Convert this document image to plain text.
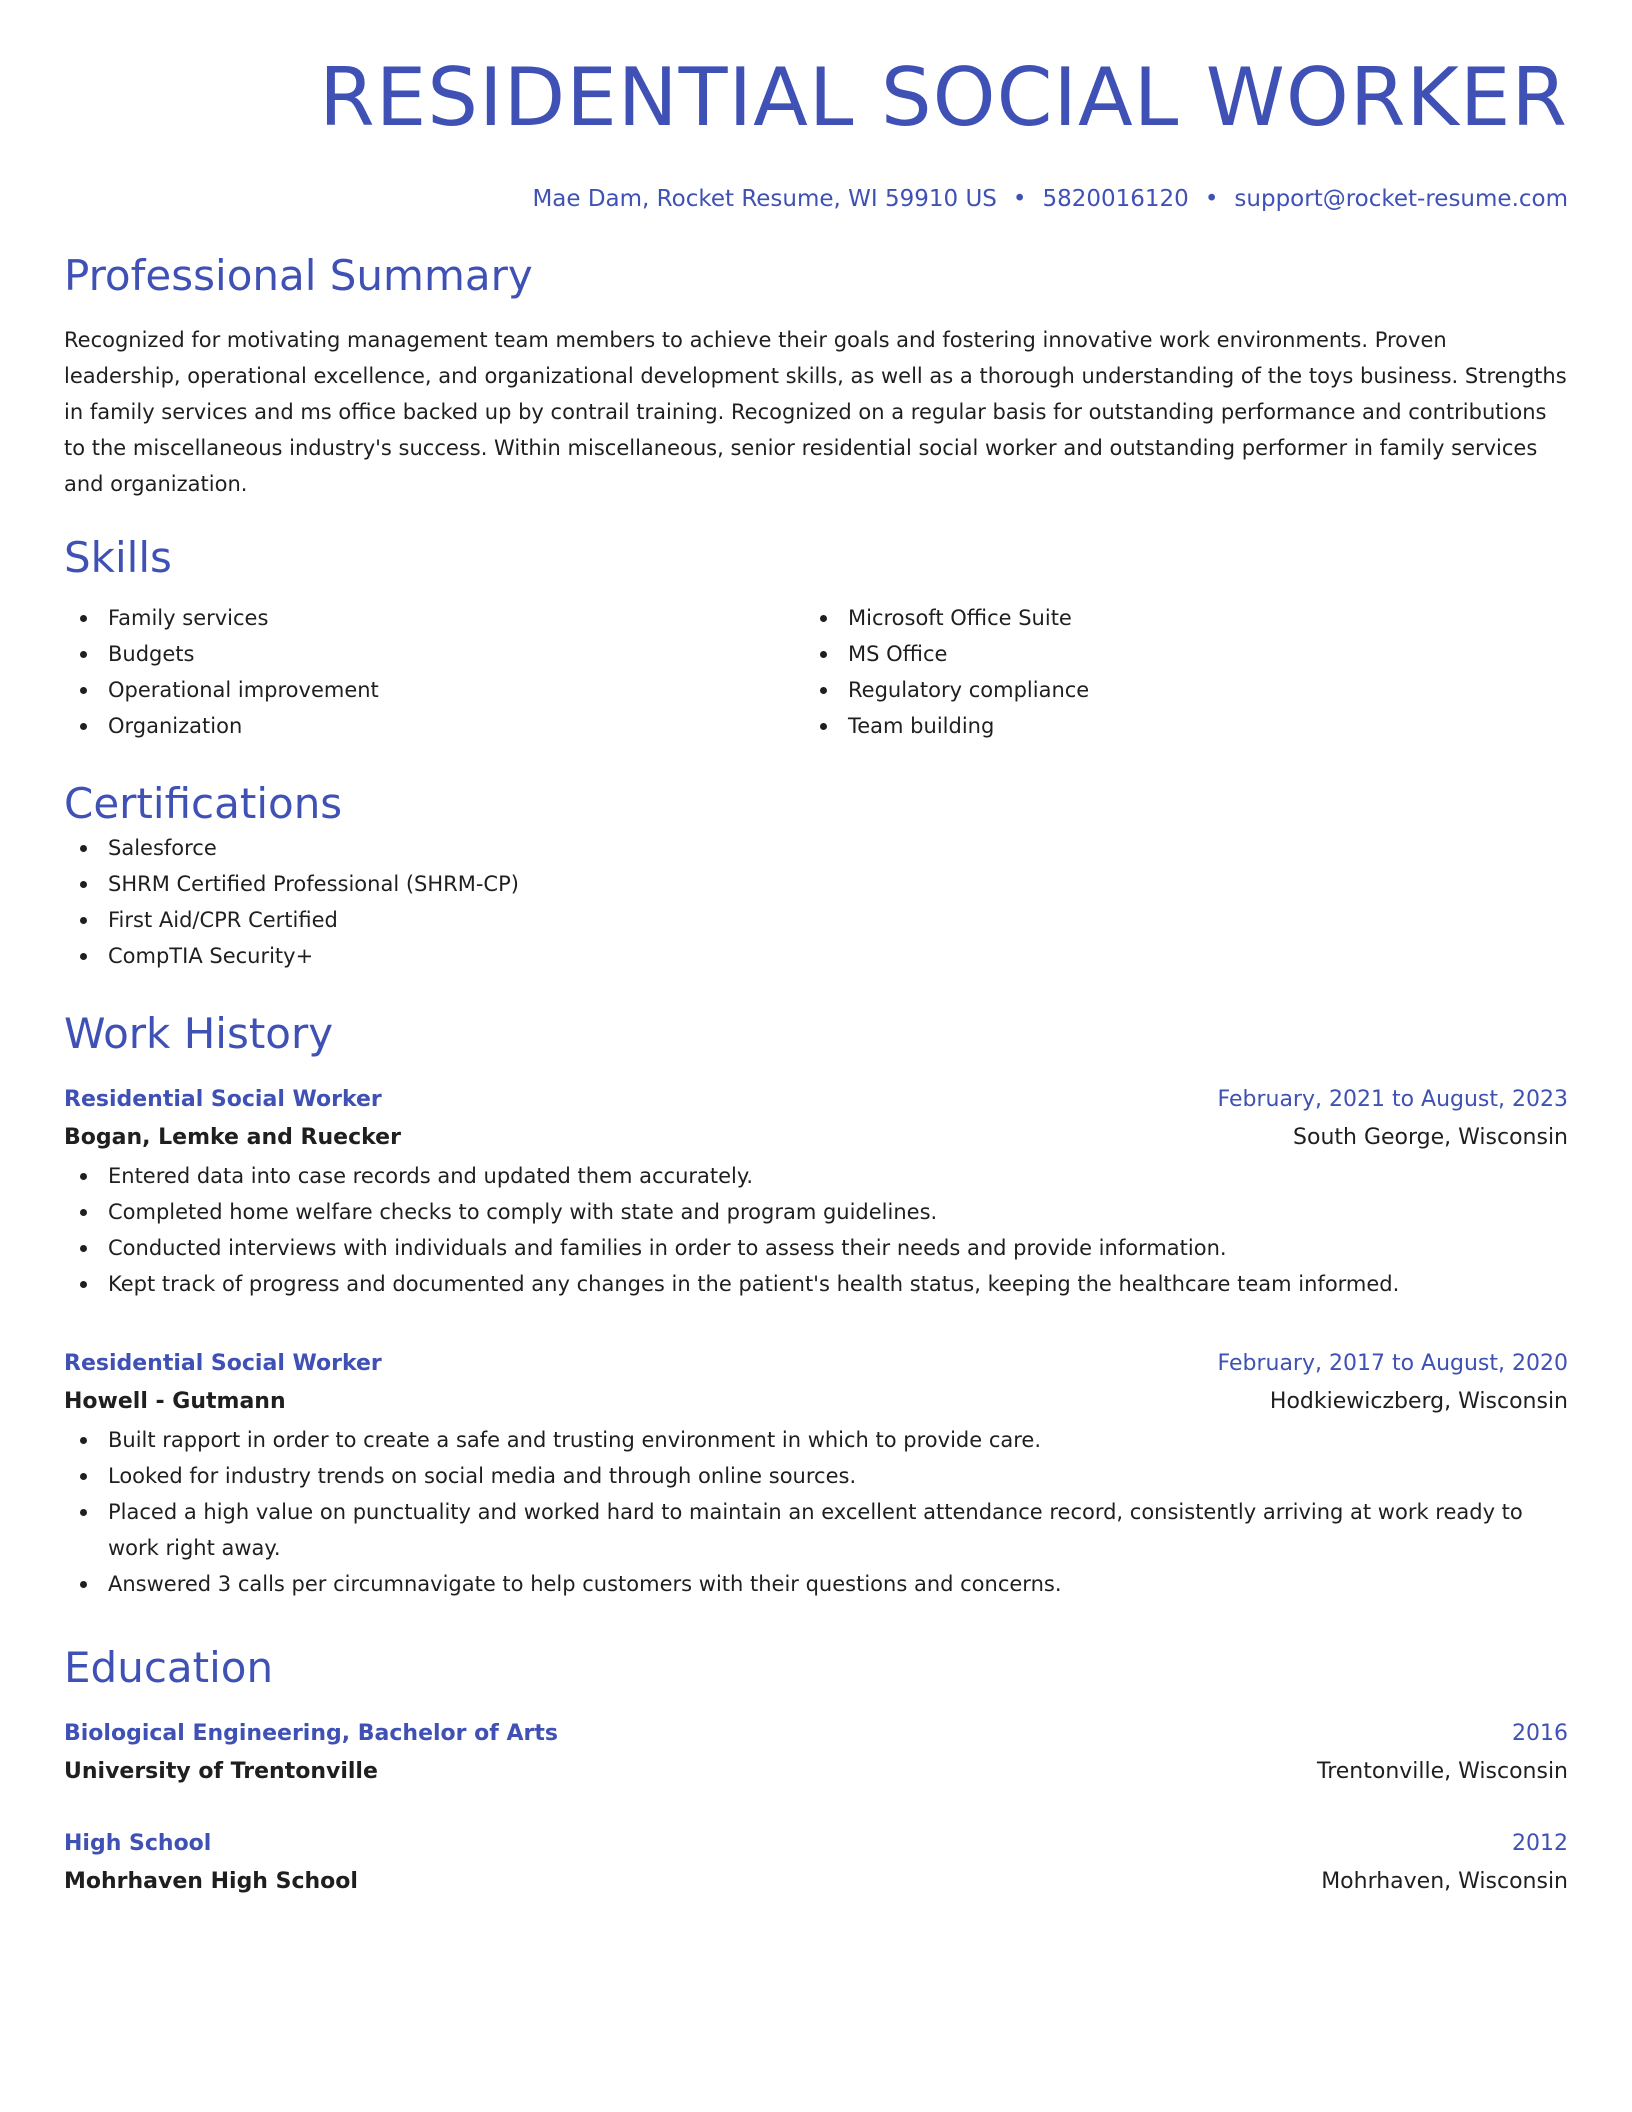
RESIDENTIAL SOCIAL WORKER
Mae Dam, Rocket Resume, WI 59910 US • 5820016120 • support@rocket-resume.com
Professional Summary

Recognized for motivating management team members to achieve their goals and fostering innovative work environments. Proven leadership, operational excellence, and organizational development skills, as well as a thorough understanding of the toys business. Strengths in family services and ms office backed up by contrail training. Recognized on a regular basis for outstanding performance and contributions to the miscellaneous industry's success. Within miscellaneous, senior residential social worker and outstanding performer in family services and organization.

Skills
Family services
Budgets
Operational improvement
Organization
Microsoft Office Suite
MS Office
Regulatory compliance
Team building
Certifications
Salesforce
SHRM Certified Professional (SHRM-CP)
First Aid/CPR Certified
CompTIA Security+
Work History
Residential Social Worker	February, 2021 to August, 2023
Bogan, Lemke and Ruecker	South George, Wisconsin
Entered data into case records and updated them accurately.
Completed home welfare checks to comply with state and program guidelines.
Conducted interviews with individuals and families in order to assess their needs and provide information.
Kept track of progress and documented any changes in the patient's health status, keeping the healthcare team informed.
Residential Social Worker	February, 2017 to August, 2020
Howell - Gutmann	Hodkiewiczberg, Wisconsin
Built rapport in order to create a safe and trusting environment in which to provide care.
Looked for industry trends on social media and through online sources.
Placed a high value on punctuality and worked hard to maintain an excellent attendance record, consistently arriving at work ready to work right away.
Answered 3 calls per circumnavigate to help customers with their questions and concerns.
Education
Biological Engineering, Bachelor of Arts	2016
University of Trentonville	Trentonville, Wisconsin
High School	2012
Mohrhaven High School	Mohrhaven, Wisconsin
